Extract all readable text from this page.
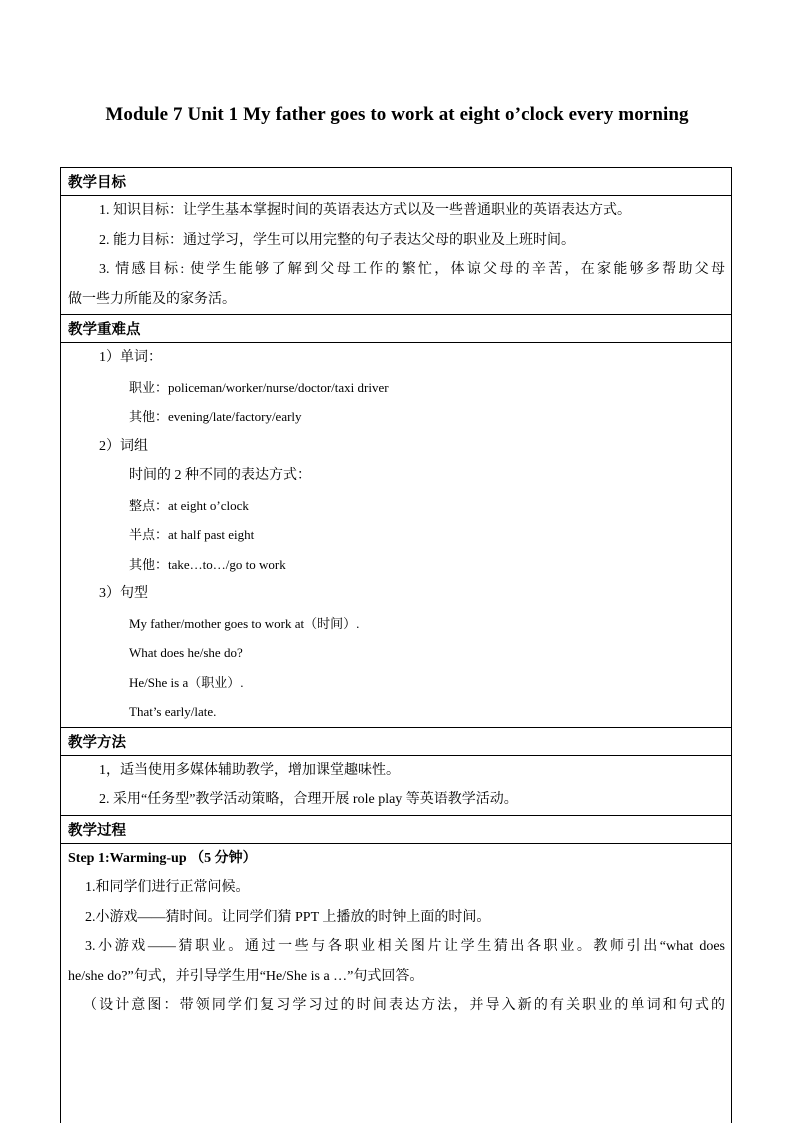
Module 7 Unit 1 My father goes to work at eight o’clock every morning
教学目标
1. 知识目标：让学生基本掌握时间的英语表达方式以及一些普通职业的英语表达方式。
2. 能力目标：通过学习，学生可以用完整的句子表达父母的职业及上班时间。
3. 情感目标: 使学生能够了解到父母工作的繁忙，体谅父母的辛苦，在家能够多帮助父母
做一些力所能及的家务活。
教学重难点
1）单词：
职业：policeman/worker/nurse/doctor/taxi driver
其他：evening/late/factory/early
2）词组
时间的 2 种不同的表达方式：
整点：at eight o’clock
半点：at half past eight
其他：take…to…/go to work
3）句型
My father/mother goes to work at（时间）.
What does he/she do?
He/She is a（职业）.
That’s early/late.
教学方法
1，适当使用多媒体辅助教学，增加课堂趣味性。
2. 采用“任务型”教学活动策略，合理开展 role play 等英语教学活动。
教学过程
Step 1:Warming-up （5 分钟）
1.和同学们进行正常问候。
2.小游戏——猜时间。让同学们猜 PPT 上播放的时钟上面的时间。
3.小游戏——猜职业。通过一些与各职业相关图片让学生猜出各职业。教师引出“what does
he/she do?”句式，并引导学生用“He/She is a …”句式回答。
（设计意图：带领同学们复习学习过的时间表达方法，并导入新的有关职业的单词和句式的
